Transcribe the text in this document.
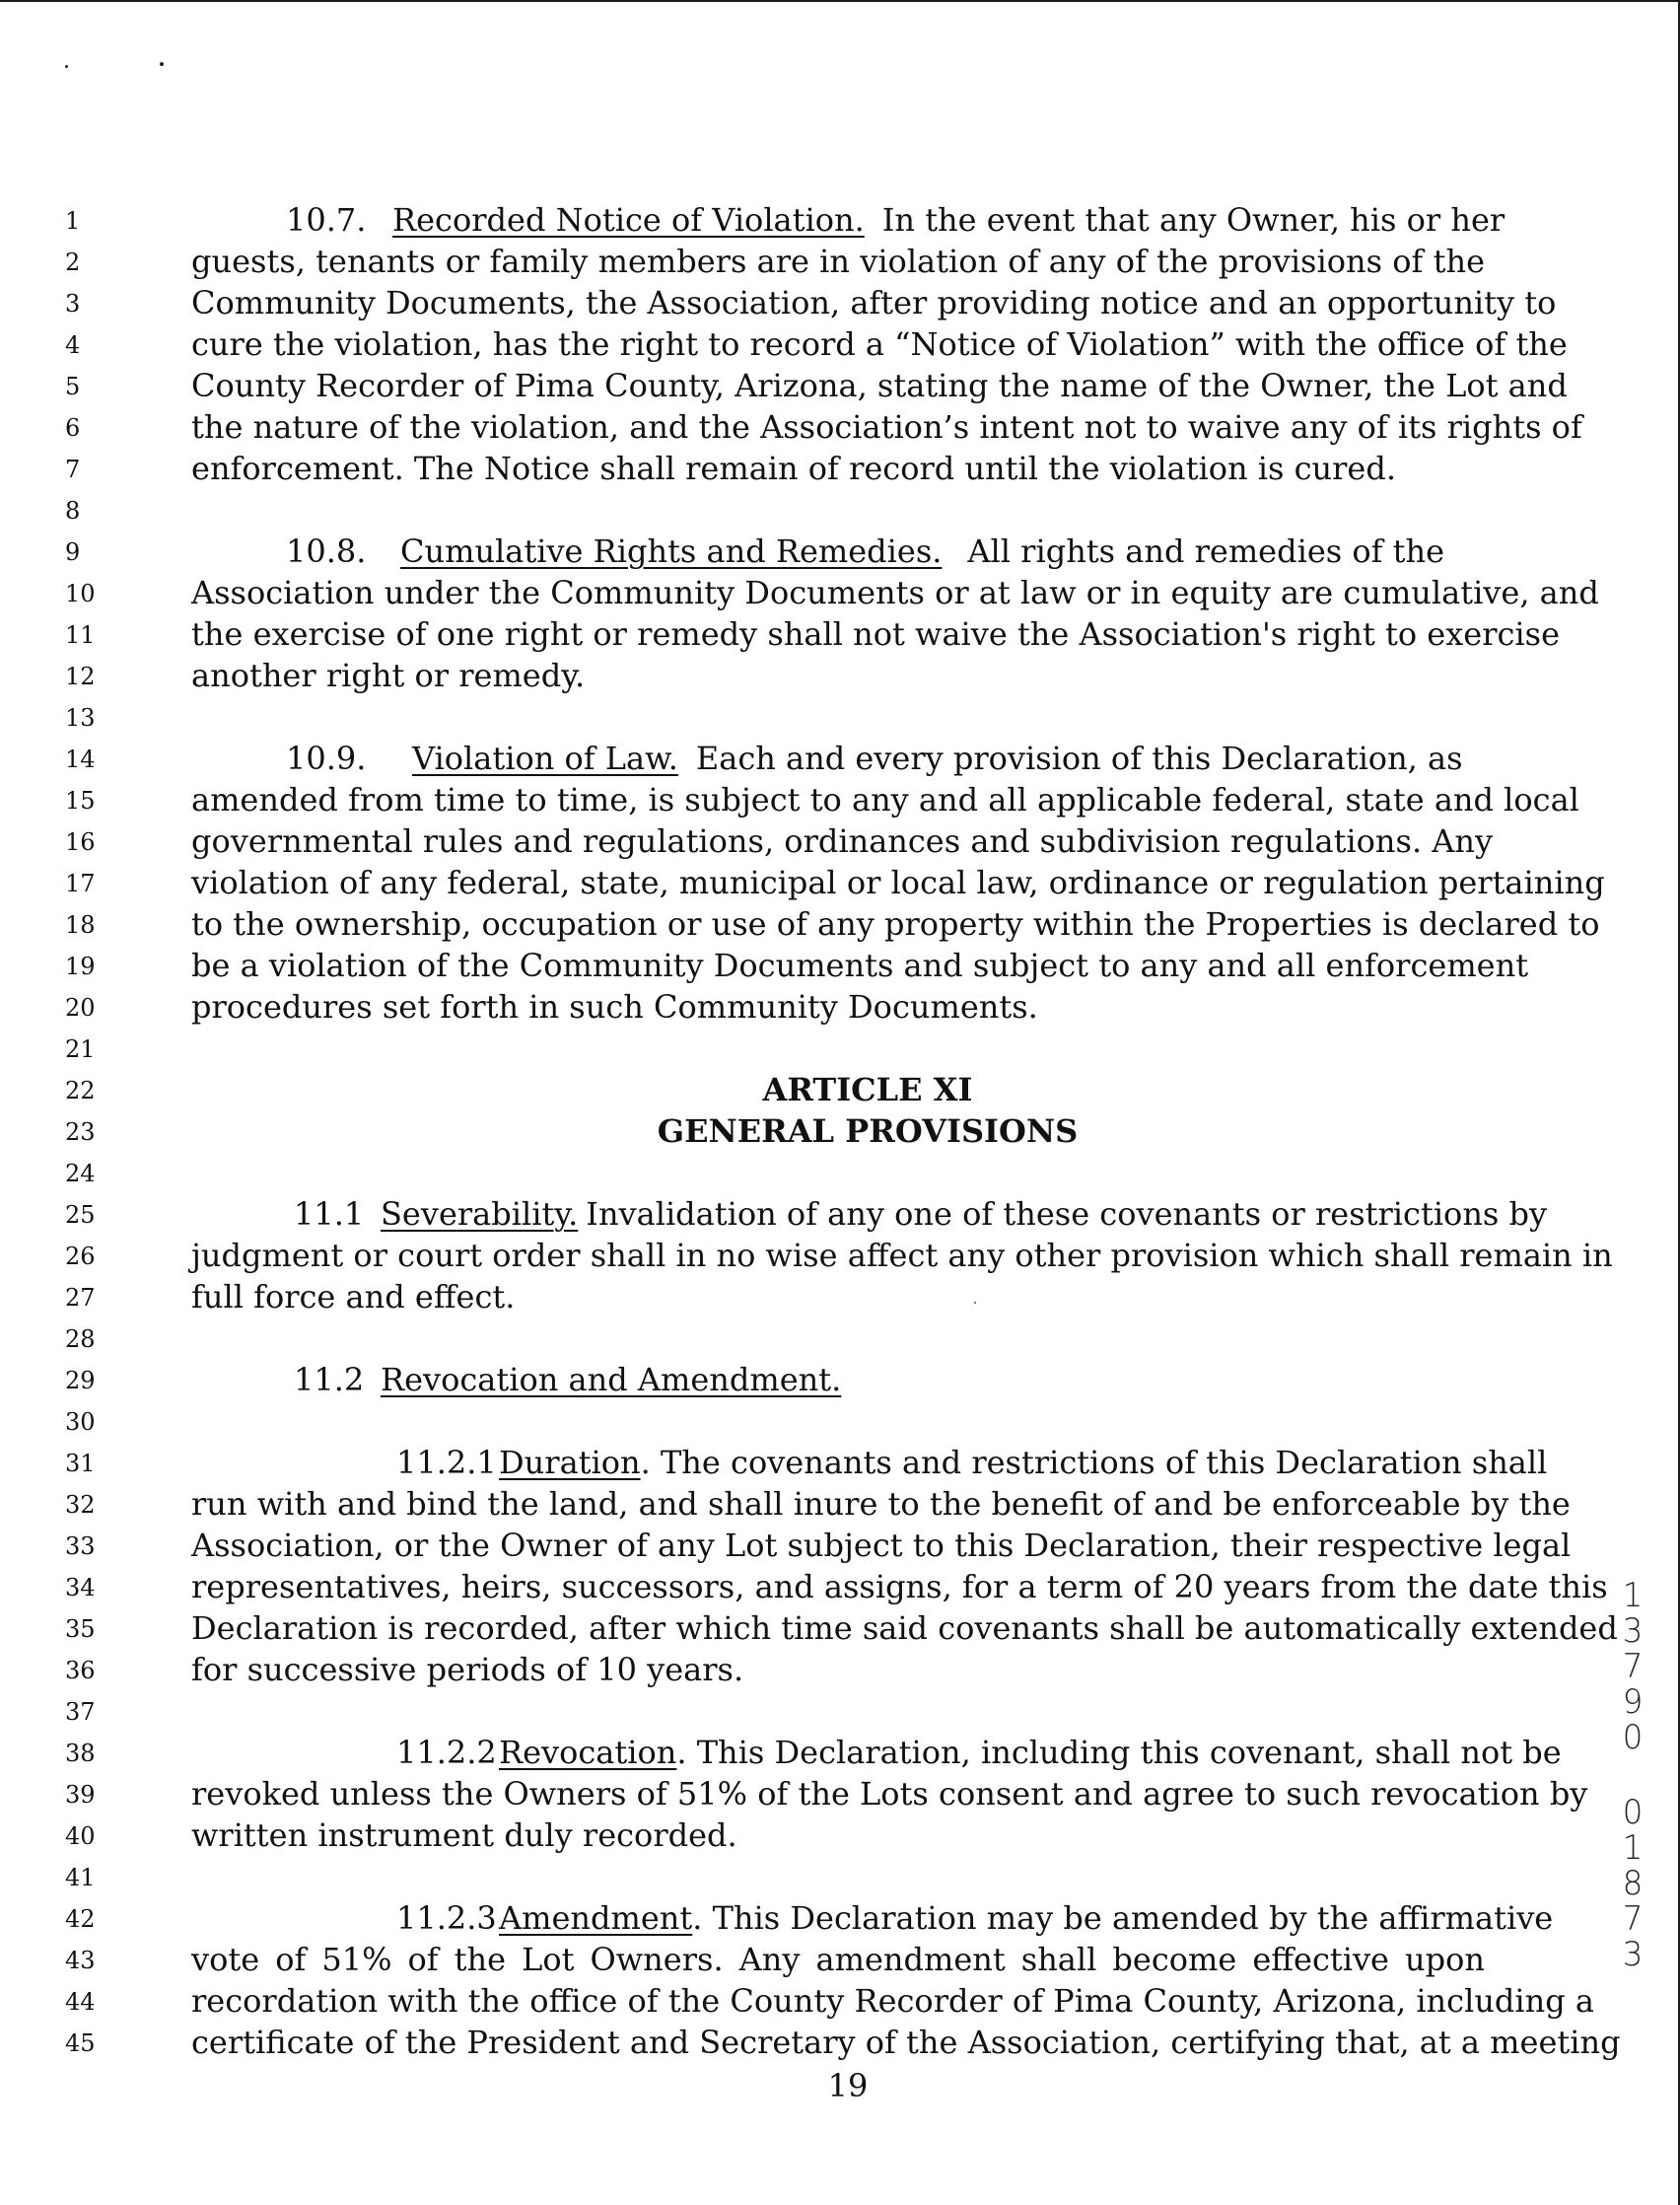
1
2
3
4
5
6
7
8
9
10
11
12
13
14
15
16
17
18
19
20
21
22
23
24
25
26
27
28
29
30
31
32
33
34
35
36
37
38
39
40
41
42
43
44
45
10.7. Recorded Notice of Violation. In the event that any Owner, his or her
guests, tenants or family members are in violation of any of the provisions of the
Community Documents, the Association, after providing notice and an opportunity to
cure the violation, has the right to record a “Notice of Violation” with the office of the
County Recorder of Pima County, Arizona, stating the name of the Owner, the Lot and
the nature of the violation, and the Association’s intent not to waive any of its rights of
enforcement. The Notice shall remain of record until the violation is cured.
10.8. Cumulative Rights and Remedies. All rights and remedies of the
Association under the Community Documents or at law or in equity are cumulative, and
the exercise of one right or remedy shall not waive the Association's right to exercise
another right or remedy.
10.9. Violation of Law. Each and every provision of this Declaration, as
amended from time to time, is subject to any and all applicable federal, state and local
governmental rules and regulations, ordinances and subdivision regulations. Any
violation of any federal, state, municipal or local law, ordinance or regulation pertaining
to the ownership, occupation or use of any property within the Properties is declared to
be a violation of the Community Documents and subject to any and all enforcement
procedures set forth in such Community Documents.
ARTICLE XI
GENERAL PROVISIONS
11.1 Severability. Invalidation of any one of these covenants or restrictions by
judgment or court order shall in no wise affect any other provision which shall remain in
full force and effect.
11.2 Revocation and Amendment.
11.2.1Duration. The covenants and restrictions of this Declaration shall
run with and bind the land, and shall inure to the benefit of and be enforceable by the
Association, or the Owner of any Lot subject to this Declaration, their respective legal
representatives, heirs, successors, and assigns, for a term of 20 years from the date this
Declaration is recorded, after which time said covenants shall be automatically extended
for successive periods of 10 years.
11.2.2Revocation. This Declaration, including this covenant, shall not be
revoked unless the Owners of 51% of the Lots consent and agree to such revocation by
written instrument duly recorded.
11.2.3Amendment. This Declaration may be amended by the affirmative
vote of 51% of the Lot Owners. Any amendment shall become effective upon
recordation with the office of the County Recorder of Pima County, Arizona, including a
certificate of the President and Secretary of the Association, certifying that, at a meeting
19
1
3
7
9
0
0
1
8
7
3
